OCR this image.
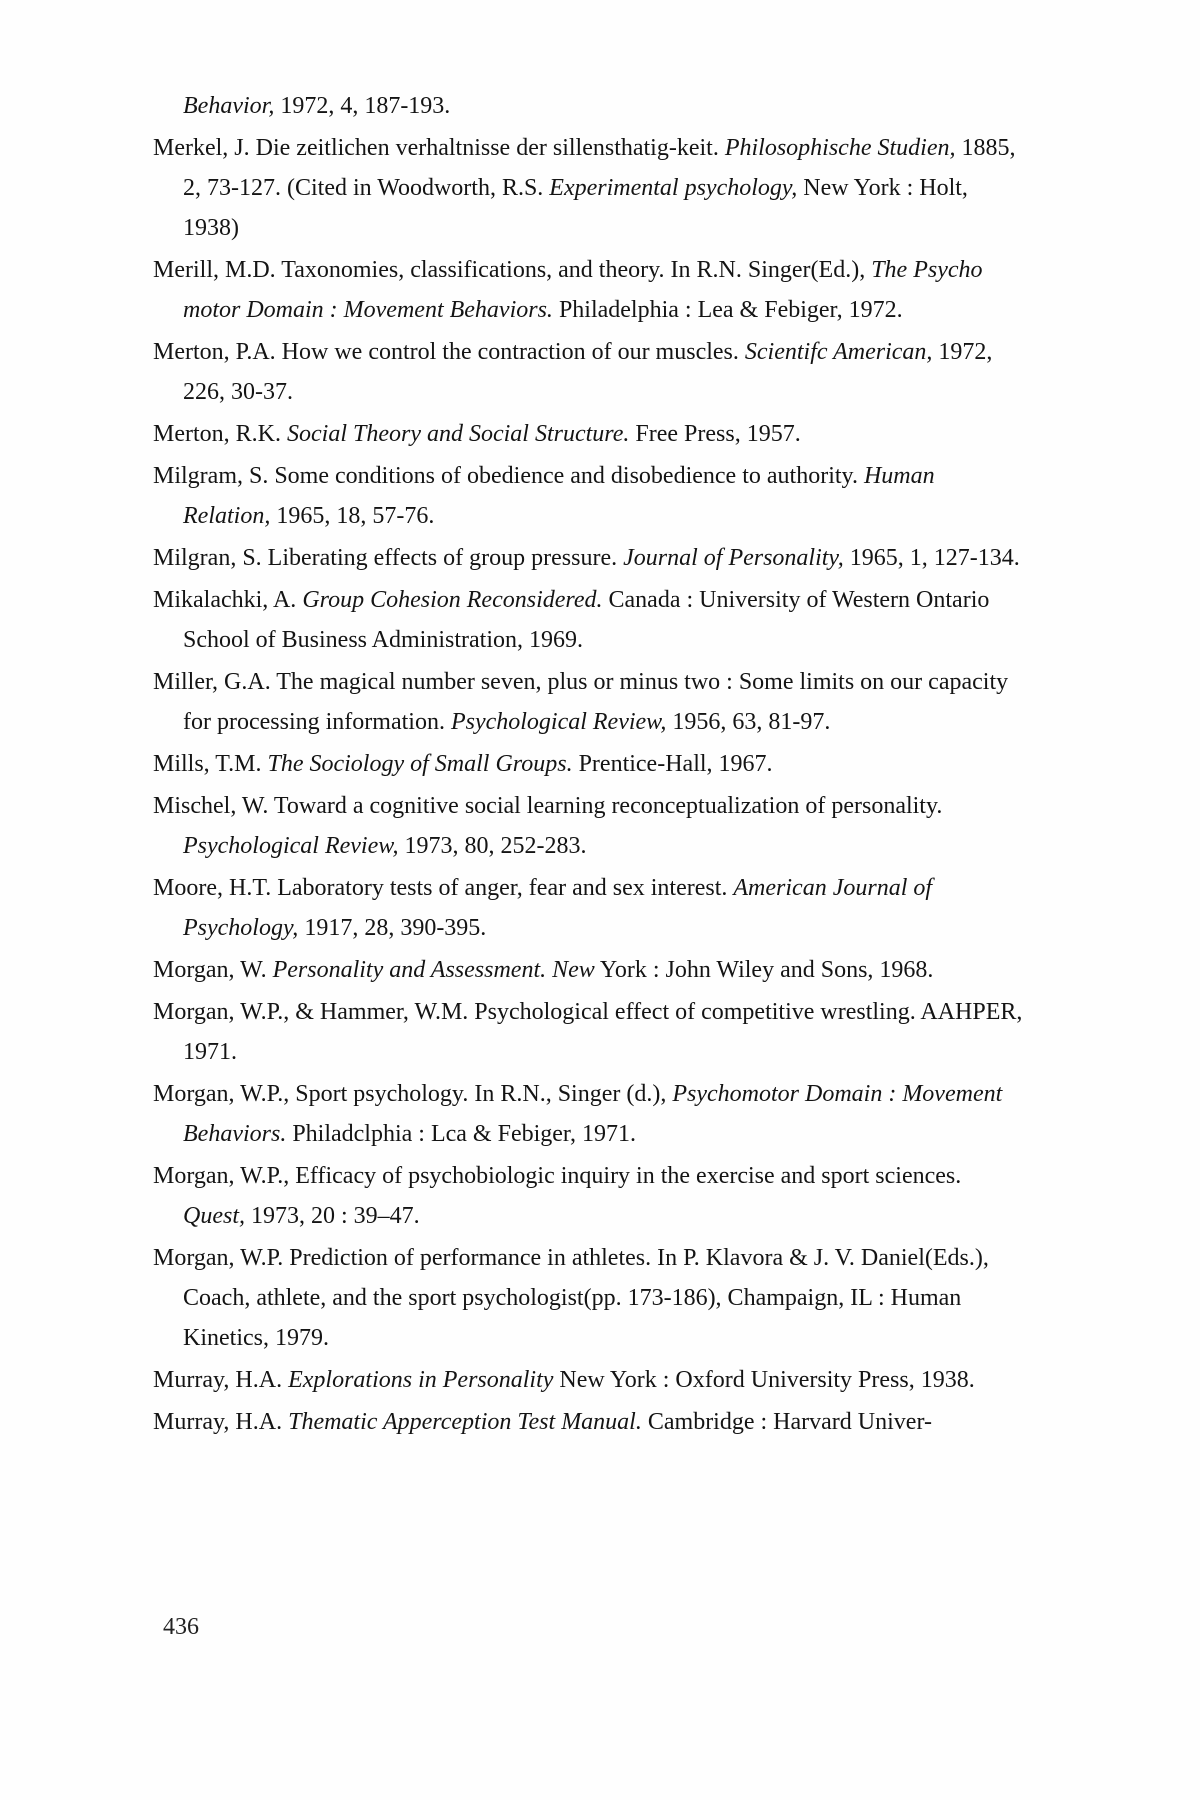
Behavior, 1972, 4, 187-193.
Merkel, J. Die zeitlichen verhaltnisse der sillensthatig-keit. Philosophische Studien, 1885, 2, 73-127. (Cited in Woodworth, R.S. Experimental psychology, New York : Holt, 1938)
Merill, M.D. Taxonomies, classifications, and theory. In R.N. Singer(Ed.), The Psycho motor Domain : Movement Behaviors. Philadelphia : Lea & Febiger, 1972.
Merton, P.A. How we control the contraction of our muscles. Scientifc American, 1972, 226, 30-37.
Merton, R.K. Social Theory and Social Structure. Free Press, 1957.
Milgram, S. Some conditions of obedience and disobedience to authority. Human Relation, 1965, 18, 57-76.
Milgran, S. Liberating effects of group pressure. Journal of Personality, 1965, 1, 127-134.
Mikalachki, A. Group Cohesion Reconsidered. Canada : University of Western Ontario School of Business Administration, 1969.
Miller, G.A. The magical number seven, plus or minus two : Some limits on our capacity for processing information. Psychological Review, 1956, 63, 81-97.
Mills, T.M. The Sociology of Small Groups. Prentice-Hall, 1967.
Mischel, W. Toward a cognitive social learning reconceptualization of personality. Psychological Review, 1973, 80, 252-283.
Moore, H.T. Laboratory tests of anger, fear and sex interest. American Journal of Psychology, 1917, 28, 390-395.
Morgan, W. Personality and Assessment. New York : John Wiley and Sons, 1968.
Morgan, W.P., & Hammer, W.M. Psychological effect of competitive wrestling. AAHPER, 1971.
Morgan, W.P., Sport psychology. In R.N., Singer (d.), Psychomotor Domain : Movement Behaviors. Philadclphia : Lca & Febiger, 1971.
Morgan, W.P., Efficacy of psychobiologic inquiry in the exercise and sport sciences. Quest, 1973, 20 : 39–47.
Morgan, W.P. Prediction of performance in athletes. In P. Klavora & J. V. Daniel(Eds.), Coach, athlete, and the sport psychologist(pp. 173-186), Champaign, IL : Human Kinetics, 1979.
Murray, H.A. Explorations in Personality New York : Oxford University Press, 1938.
Murray, H.A. Thematic Apperception Test Manual. Cambridge : Harvard Univer-
436
